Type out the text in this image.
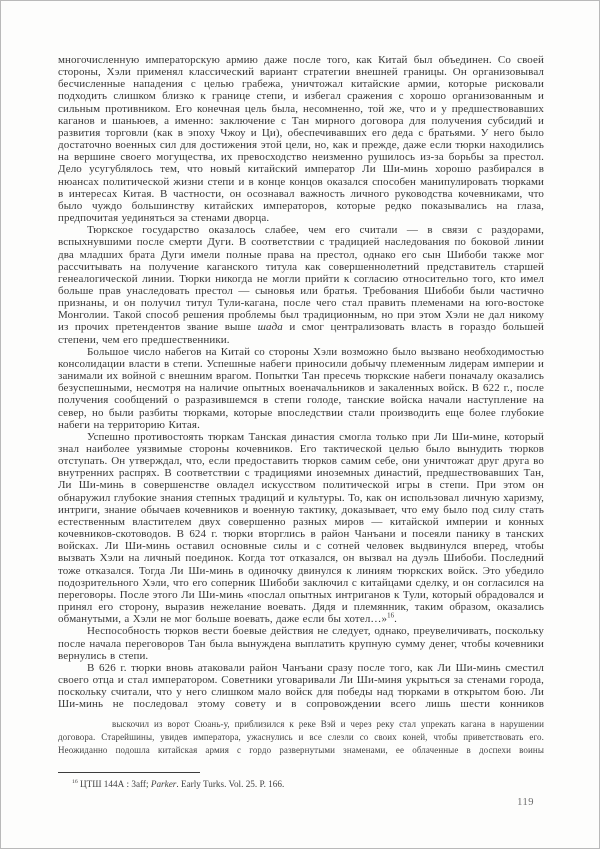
многочисленную императорскую армию даже после того, как Китай был объединен. Со своей стороны, Хэли применял классический вариант стратегии внешней границы. Он организовывал бесчисленные нападения с целью грабежа, уничтожал китайские армии, которые рисковали подходить слишком близко к границе степи, и избегал сражения с хорошо организованным и сильным противником. Его конечная цель была, несомненно, той же, что и у предшествовавших каганов и шаньюев, а именно: заключение с Тан мирного договора для получения субсидий и развития торговли (как в эпоху Чжоу и Ци), обеспечивавших его деда с братьями. У него было достаточно военных сил для достижения этой цели, но, как и прежде, даже если тюрки находились на вершине своего могущества, их превосходство неизменно рушилось из-за борьбы за престол. Дело усугублялось тем, что новый китайский император Ли Ши-минь хорошо разбирался в нюансах политической жизни степи и в конце концов оказался способен манипулировать тюрками в интересах Китая. В частности, он осознавал важность личного руководства кочевниками, что было чуждо большинству китайских императоров, которые редко показывались на глаза, предпочитая уединяться за стенами дворца.
Тюркское государство оказалось слабее, чем его считали — в связи с раздорами, вспыхнувшими после смерти Дуги. В соответствии с традицией наследования по боковой линии два младших брата Дуги имели полные права на престол, однако его сын Шибоби также мог рассчитывать на получение каганского титула как совершеннолетний представитель старшей генеалогической линии. Тюрки никогда не могли прийти к согласию относительно того, кто имел больше прав унаследовать престол — сыновья или братья. Требования Шибоби были частично признаны, и он получил титул Тули-кагана, после чего стал править племенами на юго-востоке Монголии. Такой способ решения проблемы был традиционным, но при этом Хэли не дал никому из прочих претендентов звание выше шада и смог централизовать власть в гораздо большей степени, чем его предшественники.
Большое число набегов на Китай со стороны Хэли возможно было вызвано необходимостью консолидации власти в степи. Успешные набеги приносили добычу племенным лидерам империи и занимали их войной с внешним врагом. Попытки Тан пресечь тюркские набеги поначалу оказались безуспешными, несмотря на наличие опытных военачальников и закаленных войск. В 622 г., после получения сообщений о разразившемся в степи голоде, танские войска начали наступление на север, но были разбиты тюрками, которые впоследствии стали производить еще более глубокие набеги на территорию Китая.
Успешно противостоять тюркам Танская династия смогла только при Ли Ши-мине, который знал наиболее уязвимые стороны кочевников. Его тактической целью было вынудить тюрков отступать. Он утверждал, что, если предоставить тюрков самим себе, они уничтожат друг друга во внутренних распрях. В соответствии с традициями иноземных династий, предшествовавших Тан, Ли Ши-минь в совершенстве овладел искусством политической игры в степи. При этом он обнаружил глубокие знания степных традиций и культуры. То, как он использовал личную харизму, интриги, знание обычаев кочевников и военную тактику, доказывает, что ему было под силу стать естественным властителем двух совершенно разных миров — китайской империи и конных кочевников-скотоводов. В 624 г. тюрки вторглись в район Чанъани и посеяли панику в танских войсках. Ли Ши-минь оставил основные силы и с сотней человек выдвинулся вперед, чтобы вызвать Хэли на личный поединок. Когда тот отказался, он вызвал на дуэль Шибоби. Последний тоже отказался. Тогда Ли Ши-минь в одиночку двинулся к линиям тюркских войск. Это убедило подозрительного Хэли, что его соперник Шибоби заключил с китайцами сделку, и он согласился на переговоры. После этого Ли Ши-минь «послал опытных интриганов к Тули, который обрадовался и принял его сторону, выразив нежелание воевать. Дядя и племянник, таким образом, оказались обманутыми, а Хэли не мог больше воевать, даже если бы хотел…»$^{16}$.
Неспособность тюрков вести боевые действия не следует, однако, преувеличивать, поскольку после начала переговоров Тан была вынуждена выплатить крупную сумму денег, чтобы кочевники вернулись в степи.
В 626 г. тюрки вновь атаковали район Чанъани сразу после того, как Ли Ши-минь сместил своего отца и стал императором. Советники уговаривали Ли Ши-миня укрыться за стенами города, поскольку считали, что у него слишком мало войск для победы над тюрками в открытом бою. Ли Ши-минь не последовал этому совету и в сопровождении всего лишь шести конников
выскочил из ворот Сюань-у, приблизился к реке Вэй и через реку стал упрекать кагана в нарушении договора. Старейшины, увидев императора, ужаснулись и все слезли со своих коней, чтобы приветствовать его. Неожиданно подошла китайская армия с гордо развернутыми знаменами, ее облаченные в доспехи воины
$^{16}$ ЦТШ 144А : 3aff; Parker. Early Turks. Vol. 25. P. 166.
119
